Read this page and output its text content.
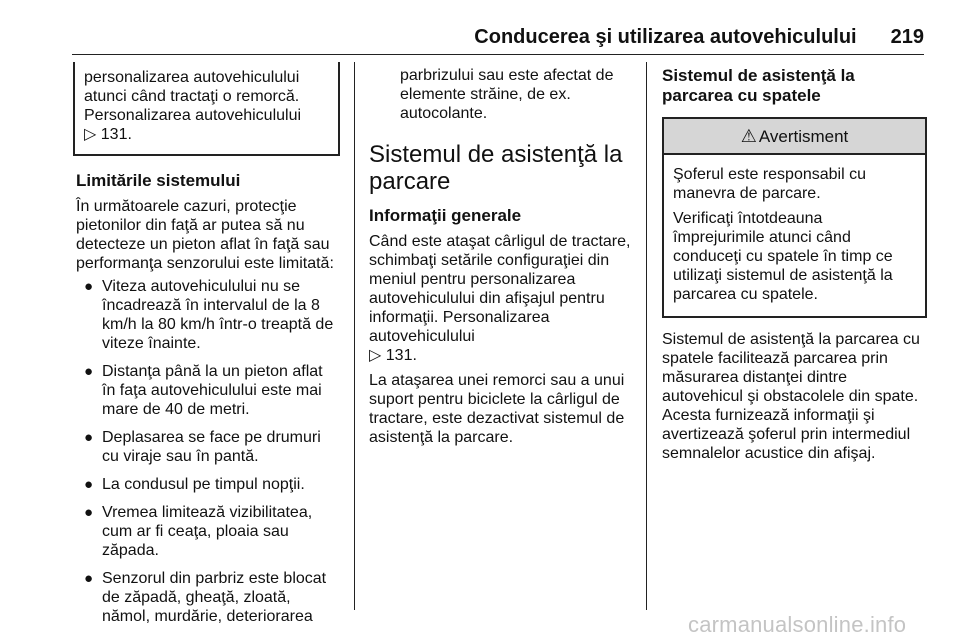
Conducerea şi utilizarea autovehiculului 219

personalizarea autovehiculului atunci când tractaţi o remorcă. Personalizarea autovehiculului
▷ 131.

Limitările sistemului

În următoarele cazuri, protecţie pietonilor din faţă ar putea să nu detecteze un pieton aflat în faţă sau performanţa senzorului este limitată:

● Viteza autovehiculului nu se încadrează în intervalul de la 8 km/h la 80 km/h într-o treaptă de viteze înainte.
● Distanţa până la un pieton aflat în faţa autovehiculului este mai mare de 40 de metri.
● Deplasarea se face pe drumuri cu viraje sau în pantă.
● La condusul pe timpul nopţii.
● Vremea limitează vizibilitatea, cum ar fi ceaţa, ploaia sau zăpada.
● Senzorul din parbriz este blocat de zăpadă, gheaţă, zloată, nămol, murdărie, deteriorarea

parbrizului sau este afectat de elemente străine, de ex. autocolante.

Sistemul de asistenţă la parcare
Informaţii generale

Când este ataşat cârligul de tractare, schimbaţi setările configuraţiei din meniul pentru personalizarea autovehiculului din afişajul pentru informaţii. Personalizarea autovehiculului
▷ 131.

La ataşarea unei remorci sau a unui suport pentru biciclete la cârligul de tractare, este dezactivat sistemul de asistenţă la parcare.

Sistemul de asistenţă la parcarea cu spatele
⚠ Avertisment

Şoferul este responsabil cu manevra de parcare.

Verificaţi întotdeauna împrejurimile atunci când conduceţi cu spatele în timp ce utilizaţi sistemul de asistenţă la parcarea cu spatele.

Sistemul de asistenţă la parcarea cu spatele facilitează parcarea prin măsurarea distanţei dintre autovehicul şi obstacolele din spate. Acesta furnizează informaţii şi avertizează şoferul prin intermediul semnalelor acustice din afişaj.

carmanualsonline.info
